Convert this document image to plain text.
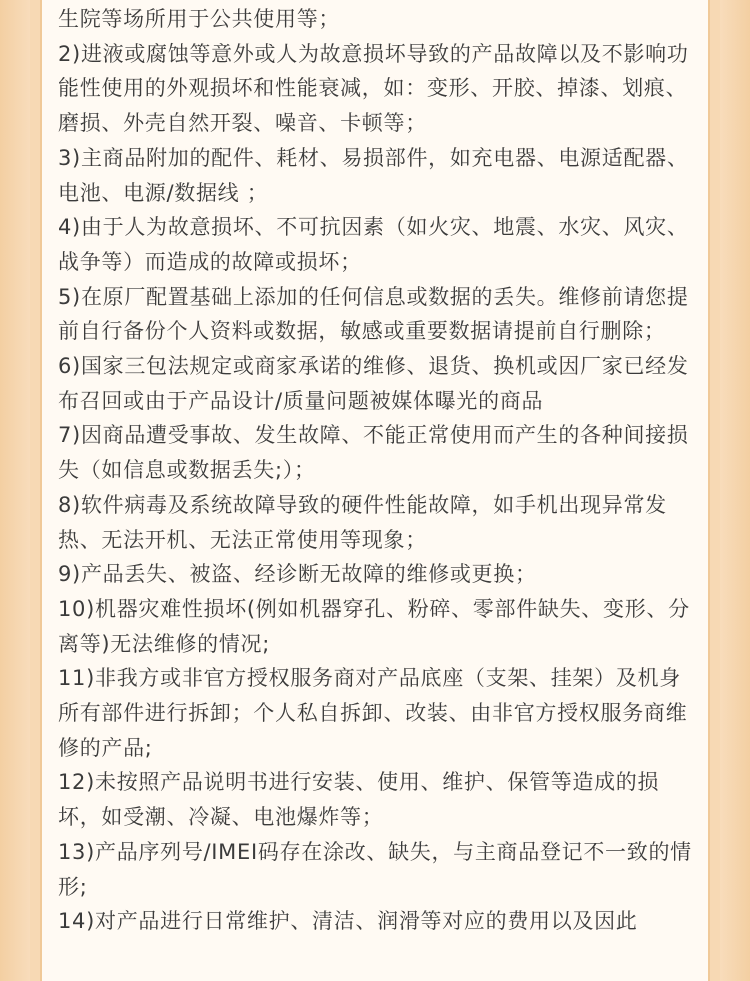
生院等场所用于公共使用等；

2)进液或腐蚀等意外或人为故意损坏导致的产品故障以及不影响功能性使用的外观损坏和性能衰减，如：变形、开胶、掉漆、划痕、磨损、外壳自然开裂、噪音、卡顿等；

3)主商品附加的配件、耗材、易损部件，如充电器、电源适配器、电池、电源/数据线 ；

4)由于人为故意损坏、不可抗因素（如火灾、地震、水灾、风灾、战争等）而造成的故障或损坏；

5)在原厂配置基础上添加的任何信息或数据的丢失。维修前请您提前自行备份个人资料或数据，敏感或重要数据请提前自行删除；

6)国家三包法规定或商家承诺的维修、退货、换机或因厂家已经发布召回或由于产品设计/质量问题被媒体曝光的商品

7)因商品遭受事故、发生故障、不能正常使用而产生的各种间接损失（如信息或数据丢失;）；

8)软件病毒及系统故障导致的硬件性能故障，如手机出现异常发热、无法开机、无法正常使用等现象；

9)产品丢失、被盗、经诊断无故障的维修或更换；

10)机器灾难性损坏(例如机器穿孔、粉碎、零部件缺失、变形、分离等)无法维修的情况;

11)非我方或非官方授权服务商对产品底座（支架、挂架）及机身所有部件进行拆卸；个人私自拆卸、改装、由非官方授权服务商维修的产品;

12)未按照产品说明书进行安装、使用、维护、保管等造成的损坏，如受潮、冷凝、电池爆炸等；

13)产品序列号/IMEI码存在涂改、缺失，与主商品登记不一致的情形;

14)对产品进行日常维护、清洁、润滑等对应的费用以及因此
